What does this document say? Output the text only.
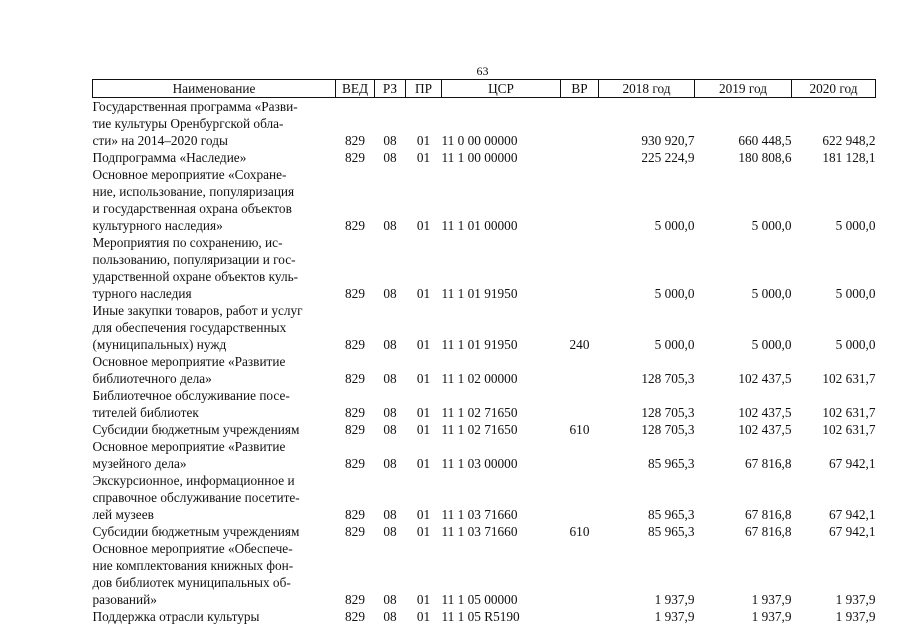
63
Наименование	ВЕД	РЗ	ПР	ЦСР	ВР	2018 год	2019 год	2020 год

Государственная программа «Разви-
тие культуры Оренбургской обла-
сти» на 2014–2020 годы	829	08	01	11 0 00 00000		930 920,7	660 448,5	622 948,2

Подпрограмма «Наследие»	829	08	01	11 1 00 00000		225 224,9	180 808,6	181 128,1

Основное мероприятие «Сохране-
ние, использование, популяризация
и государственная охрана объектов
культурного наследия»	829	08	01	11 1 01 00000		5 000,0	5 000,0	5 000,0

Мероприятия по сохранению, ис-
пользованию, популяризации и гос-
ударственной охране объектов куль-
турного наследия	829	08	01	11 1 01 91950		5 000,0	5 000,0	5 000,0

Иные закупки товаров, работ и услуг
для обеспечения государственных
(муниципальных) нужд	829	08	01	11 1 01 91950	240	5 000,0	5 000,0	5 000,0

Основное мероприятие «Развитие
библиотечного дела»	829	08	01	11 1 02 00000		128 705,3	102 437,5	102 631,7

Библиотечное обслуживание посе-
тителей библиотек	829	08	01	11 1 02 71650		128 705,3	102 437,5	102 631,7

Субсидии бюджетным учреждениям	829	08	01	11 1 02 71650	610	128 705,3	102 437,5	102 631,7

Основное мероприятие «Развитие
музейного дела»	829	08	01	11 1 03 00000		85 965,3	67 816,8	67 942,1

Экскурсионное, информационное и
справочное обслуживание посетите-
лей музеев	829	08	01	11 1 03 71660		85 965,3	67 816,8	67 942,1

Субсидии бюджетным учреждениям	829	08	01	11 1 03 71660	610	85 965,3	67 816,8	67 942,1

Основное мероприятие «Обеспече-
ние комплектования книжных фон-
дов библиотек муниципальных об-
разований»	829	08	01	11 1 05 00000		1 937,9	1 937,9	1 937,9

Поддержка отрасли культуры	829	08	01	11 1 05 R5190		1 937,9	1 937,9	1 937,9
